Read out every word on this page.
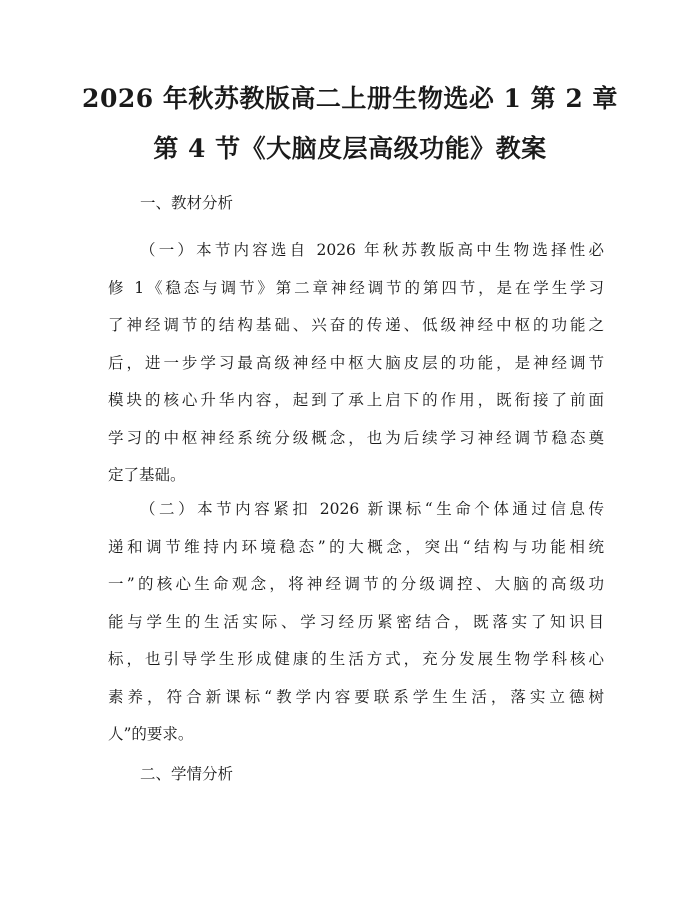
2026 年秋苏教版高二上册生物选必 1 第 2 章
第 4 节《大脑皮层高级功能》教案
一、教材分析
（一）本节内容选自 2026 年秋苏教版高中生物选择性必
修 1《稳态与调节》第二章神经调节的第四节，是在学生学习
了神经调节的结构基础、兴奋的传递、低级神经中枢的功能之
后，进一步学习最高级神经中枢大脑皮层的功能，是神经调节
模块的核心升华内容，起到了承上启下的作用，既衔接了前面
学习的中枢神经系统分级概念，也为后续学习神经调节稳态奠
定了基础。
（二）本节内容紧扣 2026 新课标“生命个体通过信息传
递和调节维持内环境稳态”的大概念，突出“结构与功能相统
一”的核心生命观念，将神经调节的分级调控、大脑的高级功
能与学生的生活实际、学习经历紧密结合，既落实了知识目
标，也引导学生形成健康的生活方式，充分发展生物学科核心
素养，符合新课标“教学内容要联系学生生活，落实立德树
人”的要求。
二、学情分析
